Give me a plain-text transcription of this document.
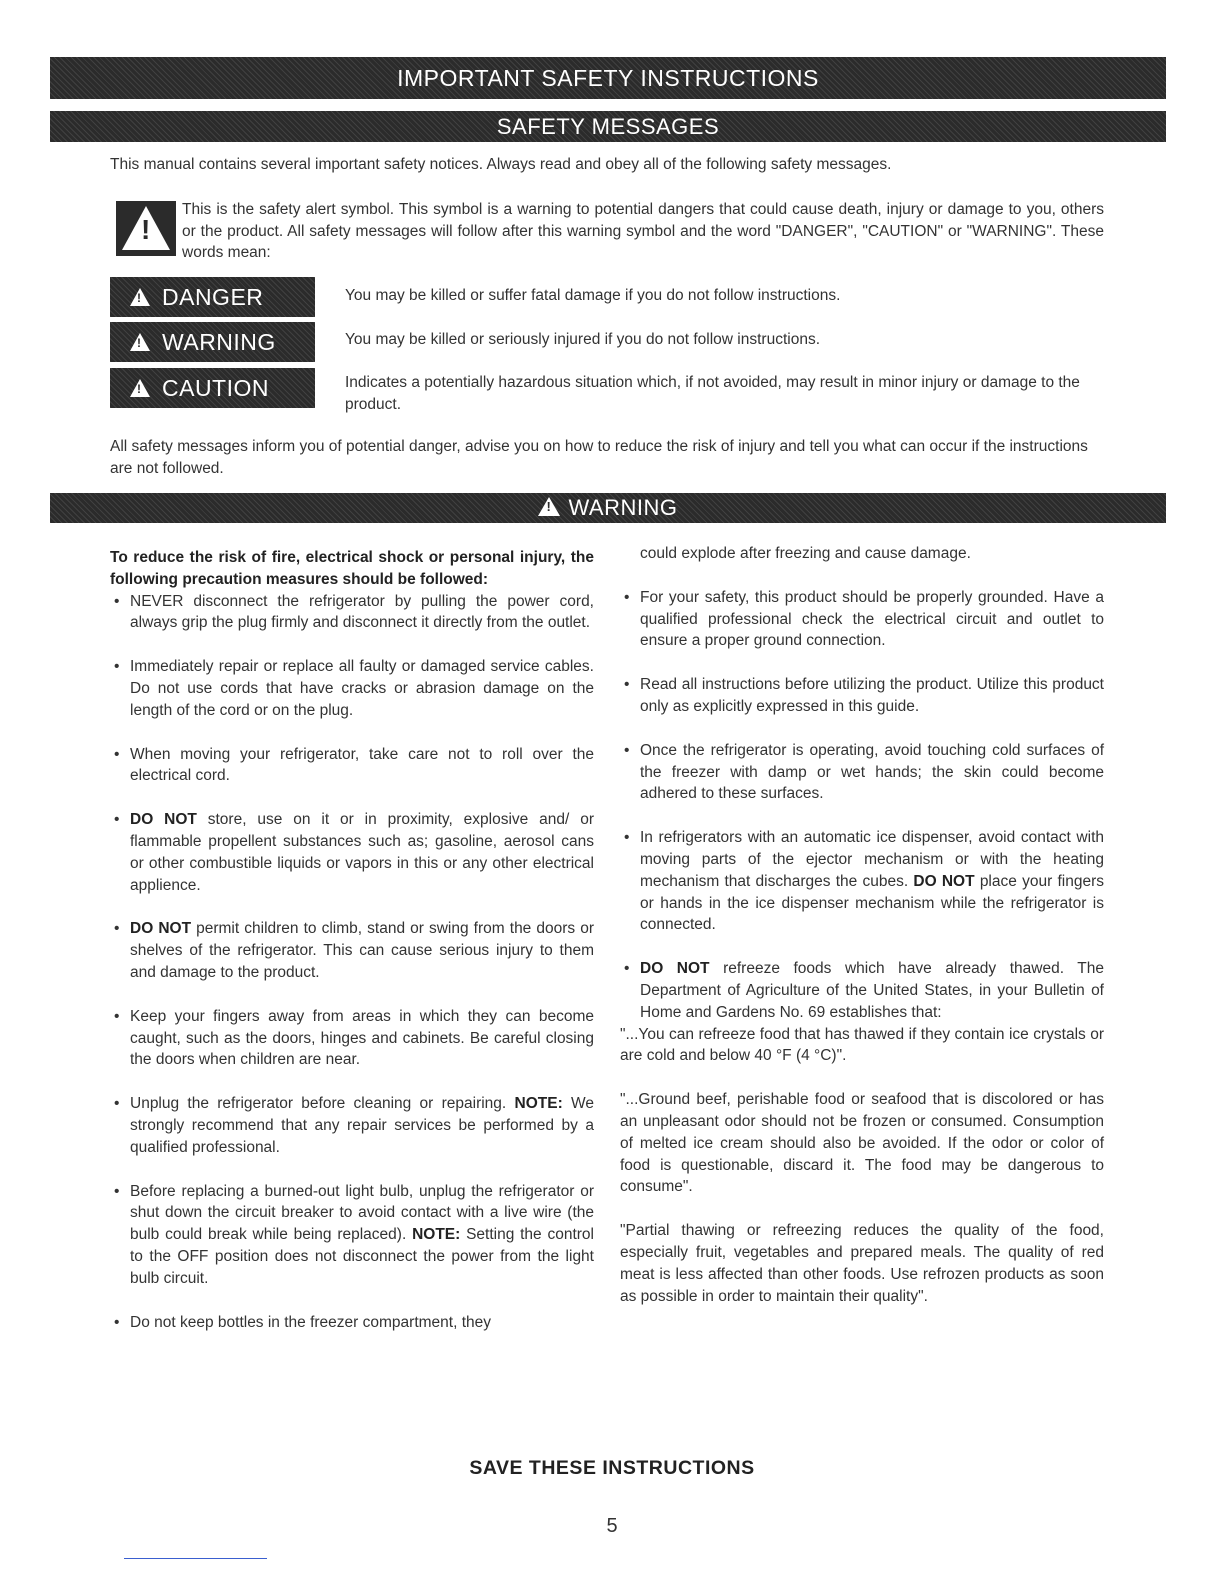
IMPORTANT SAFETY INSTRUCTIONS
SAFETY MESSAGES
This manual contains several important safety notices. Always read and obey all of the following safety messages.
!
This is the safety alert symbol. This symbol is a warning to potential dangers that could cause death, injury or damage to you, others or the product. All safety messages will follow after this warning symbol and the word "DANGER", "CAUTION" or "WARNING". These words mean:
!DANGER	You may be killed or suffer fatal damage if you do not follow instructions.
!WARNING	You may be killed or seriously injured if you do not follow instructions.
!CAUTION	Indicates a potentially hazardous situation which, if not avoided, may result in minor injury or damage to the product.
All safety messages inform you of potential danger, advise you on how to reduce the risk of injury and tell you what can occur if the instructions are not followed.
!WARNING

To reduce the risk of fire, electrical shock or personal injury, the following precaution measures should be followed:

• NEVER disconnect the refrigerator by pulling the power cord, always grip the plug firmly and disconnect it directly from the outlet.

• Immediately repair or replace all faulty or damaged service cables. Do not use cords that have cracks or abrasion damage on the length of the cord or on the plug.

• When moving your refrigerator, take care not to roll over the electrical cord.

• DO NOT store, use on it or in proximity, explosive and/ or flammable propellent substances such as; gasoline, aerosol cans or other combustible liquids or vapors in this or any other electrical applience.

• DO NOT permit children to climb, stand or swing from the doors or shelves of the refrigerator. This can cause serious injury to them and damage to the product.

• Keep your fingers away from areas in which they can become caught, such as the doors, hinges and cabinets. Be careful closing the doors when children are near.

• Unplug the refrigerator before cleaning or repairing. NOTE: We strongly recommend that any repair services be performed by a qualified professional.

• Before replacing a burned-out light bulb, unplug the refrigerator or shut down the circuit breaker to avoid contact with a live wire (the bulb could break while being replaced). NOTE: Setting the control to the OFF position does not disconnect the power from the light bulb circuit.

• Do not keep bottles in the freezer compartment, they

could explode after freezing and cause damage.

• For your safety, this product should be properly grounded. Have a qualified professional check the electrical circuit and outlet to ensure a proper ground connection.

• Read all instructions before utilizing the product. Utilize this product only as explicitly expressed in this guide.

• Once the refrigerator is operating, avoid touching cold surfaces of the freezer with damp or wet hands; the skin could become adhered to these surfaces.

• In refrigerators with an automatic ice dispenser, avoid contact with moving parts of the ejector mechanism or with the heating mechanism that discharges the cubes. DO NOT place your fingers or hands in the ice dispenser mechanism while the refrigerator is connected.

• DO NOT refreeze foods which have already thawed. The Department of Agriculture of the United States, in your Bulletin of Home and Gardens No. 69 establishes that:

"...You can refreeze food that has thawed if they contain ice crystals or are cold and below 40 °F (4 °C)".

"...Ground beef, perishable food or seafood that is discolored or has an unpleasant odor should not be frozen or consumed. Consumption of melted ice cream should also be avoided. If the odor or color of food is questionable, discard it. The food may be dangerous to consume".

"Partial thawing or refreezing reduces the quality of the food, especially fruit, vegetables and prepared meals. The quality of red meat is less affected than other foods. Use refrozen products as soon as possible in order to maintain their quality".

SAVE THESE INSTRUCTIONS
5
